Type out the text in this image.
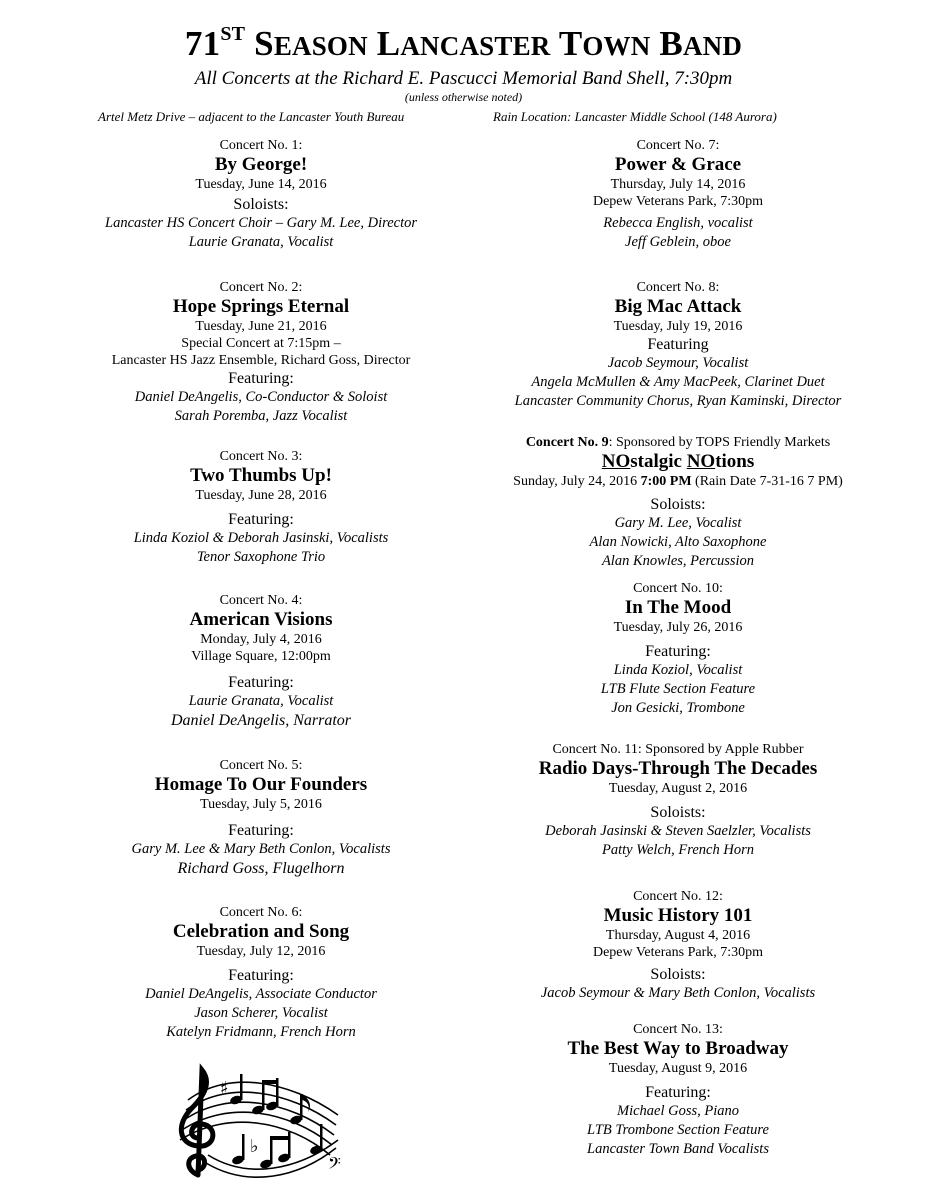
71ST SEASON LANCASTER TOWN BAND
All Concerts at the Richard E. Pascucci Memorial Band Shell, 7:30pm
(unless otherwise noted)
Artel Metz Drive – adjacent to the Lancaster Youth Bureau	Rain Location: Lancaster Middle School (148 Aurora)
Concert No. 1:
By George!
Tuesday, June 14, 2016
Soloists:
Lancaster HS Concert Choir – Gary M. Lee, Director
Laurie Granata, Vocalist
Concert No. 2:
Hope Springs Eternal
Tuesday, June 21, 2016
Special Concert at 7:15pm –
Lancaster HS Jazz Ensemble, Richard Goss, Director
Featuring:
Daniel DeAngelis, Co-Conductor & Soloist
Sarah Poremba, Jazz Vocalist
Concert No. 3:
Two Thumbs Up!
Tuesday, June 28, 2016
Featuring:
Linda Koziol & Deborah Jasinski, Vocalists
Tenor Saxophone Trio
Concert No. 4:
American Visions
Monday, July 4, 2016
Village Square, 12:00pm
Featuring:
Laurie Granata, Vocalist
Daniel DeAngelis, Narrator
Concert No. 5:
Homage To Our Founders
Tuesday, July 5, 2016
Featuring:
Gary M. Lee & Mary Beth Conlon, Vocalists
Richard Goss, Flugelhorn
Concert No. 6:
Celebration and Song
Tuesday, July 12, 2016
Featuring:
Daniel DeAngelis, Associate Conductor
Jason Scherer, Vocalist
Katelyn Fridmann, French Horn
Concert No. 7:
Power & Grace
Thursday, July 14, 2016
Depew Veterans Park, 7:30pm
Rebecca English, vocalist
Jeff Geblein, oboe
Concert No. 8:
Big Mac Attack
Tuesday, July 19, 2016
Featuring
Jacob Seymour, Vocalist
Angela McMullen & Amy MacPeek, Clarinet Duet
Lancaster Community Chorus, Ryan Kaminski, Director
Concert No. 9: Sponsored by TOPS Friendly Markets
NOstalgic NOtions
Sunday, July 24, 2016 7:00 PM (Rain Date 7-31-16 7 PM)
Soloists:
Gary M. Lee, Vocalist
Alan Nowicki, Alto Saxophone
Alan Knowles, Percussion
Concert No. 10:
In The Mood
Tuesday, July 26, 2016
Featuring:
Linda Koziol, Vocalist
LTB Flute Section Feature
Jon Gesicki, Trombone
Concert No. 11: Sponsored by Apple Rubber
Radio Days-Through The Decades
Tuesday, August 2, 2016
Soloists:
Deborah Jasinski & Steven Saelzler, Vocalists
Patty Welch, French Horn
Concert No. 12:
Music History 101
Thursday, August 4, 2016
Depew Veterans Park, 7:30pm
Soloists:
Jacob Seymour & Mary Beth Conlon, Vocalists
Concert No. 13:
The Best Way to Broadway
Tuesday, August 9, 2016
Featuring:
Michael Goss, Piano
LTB Trombone Section Feature
Lancaster Town Band Vocalists
♯
♭
𝄢
